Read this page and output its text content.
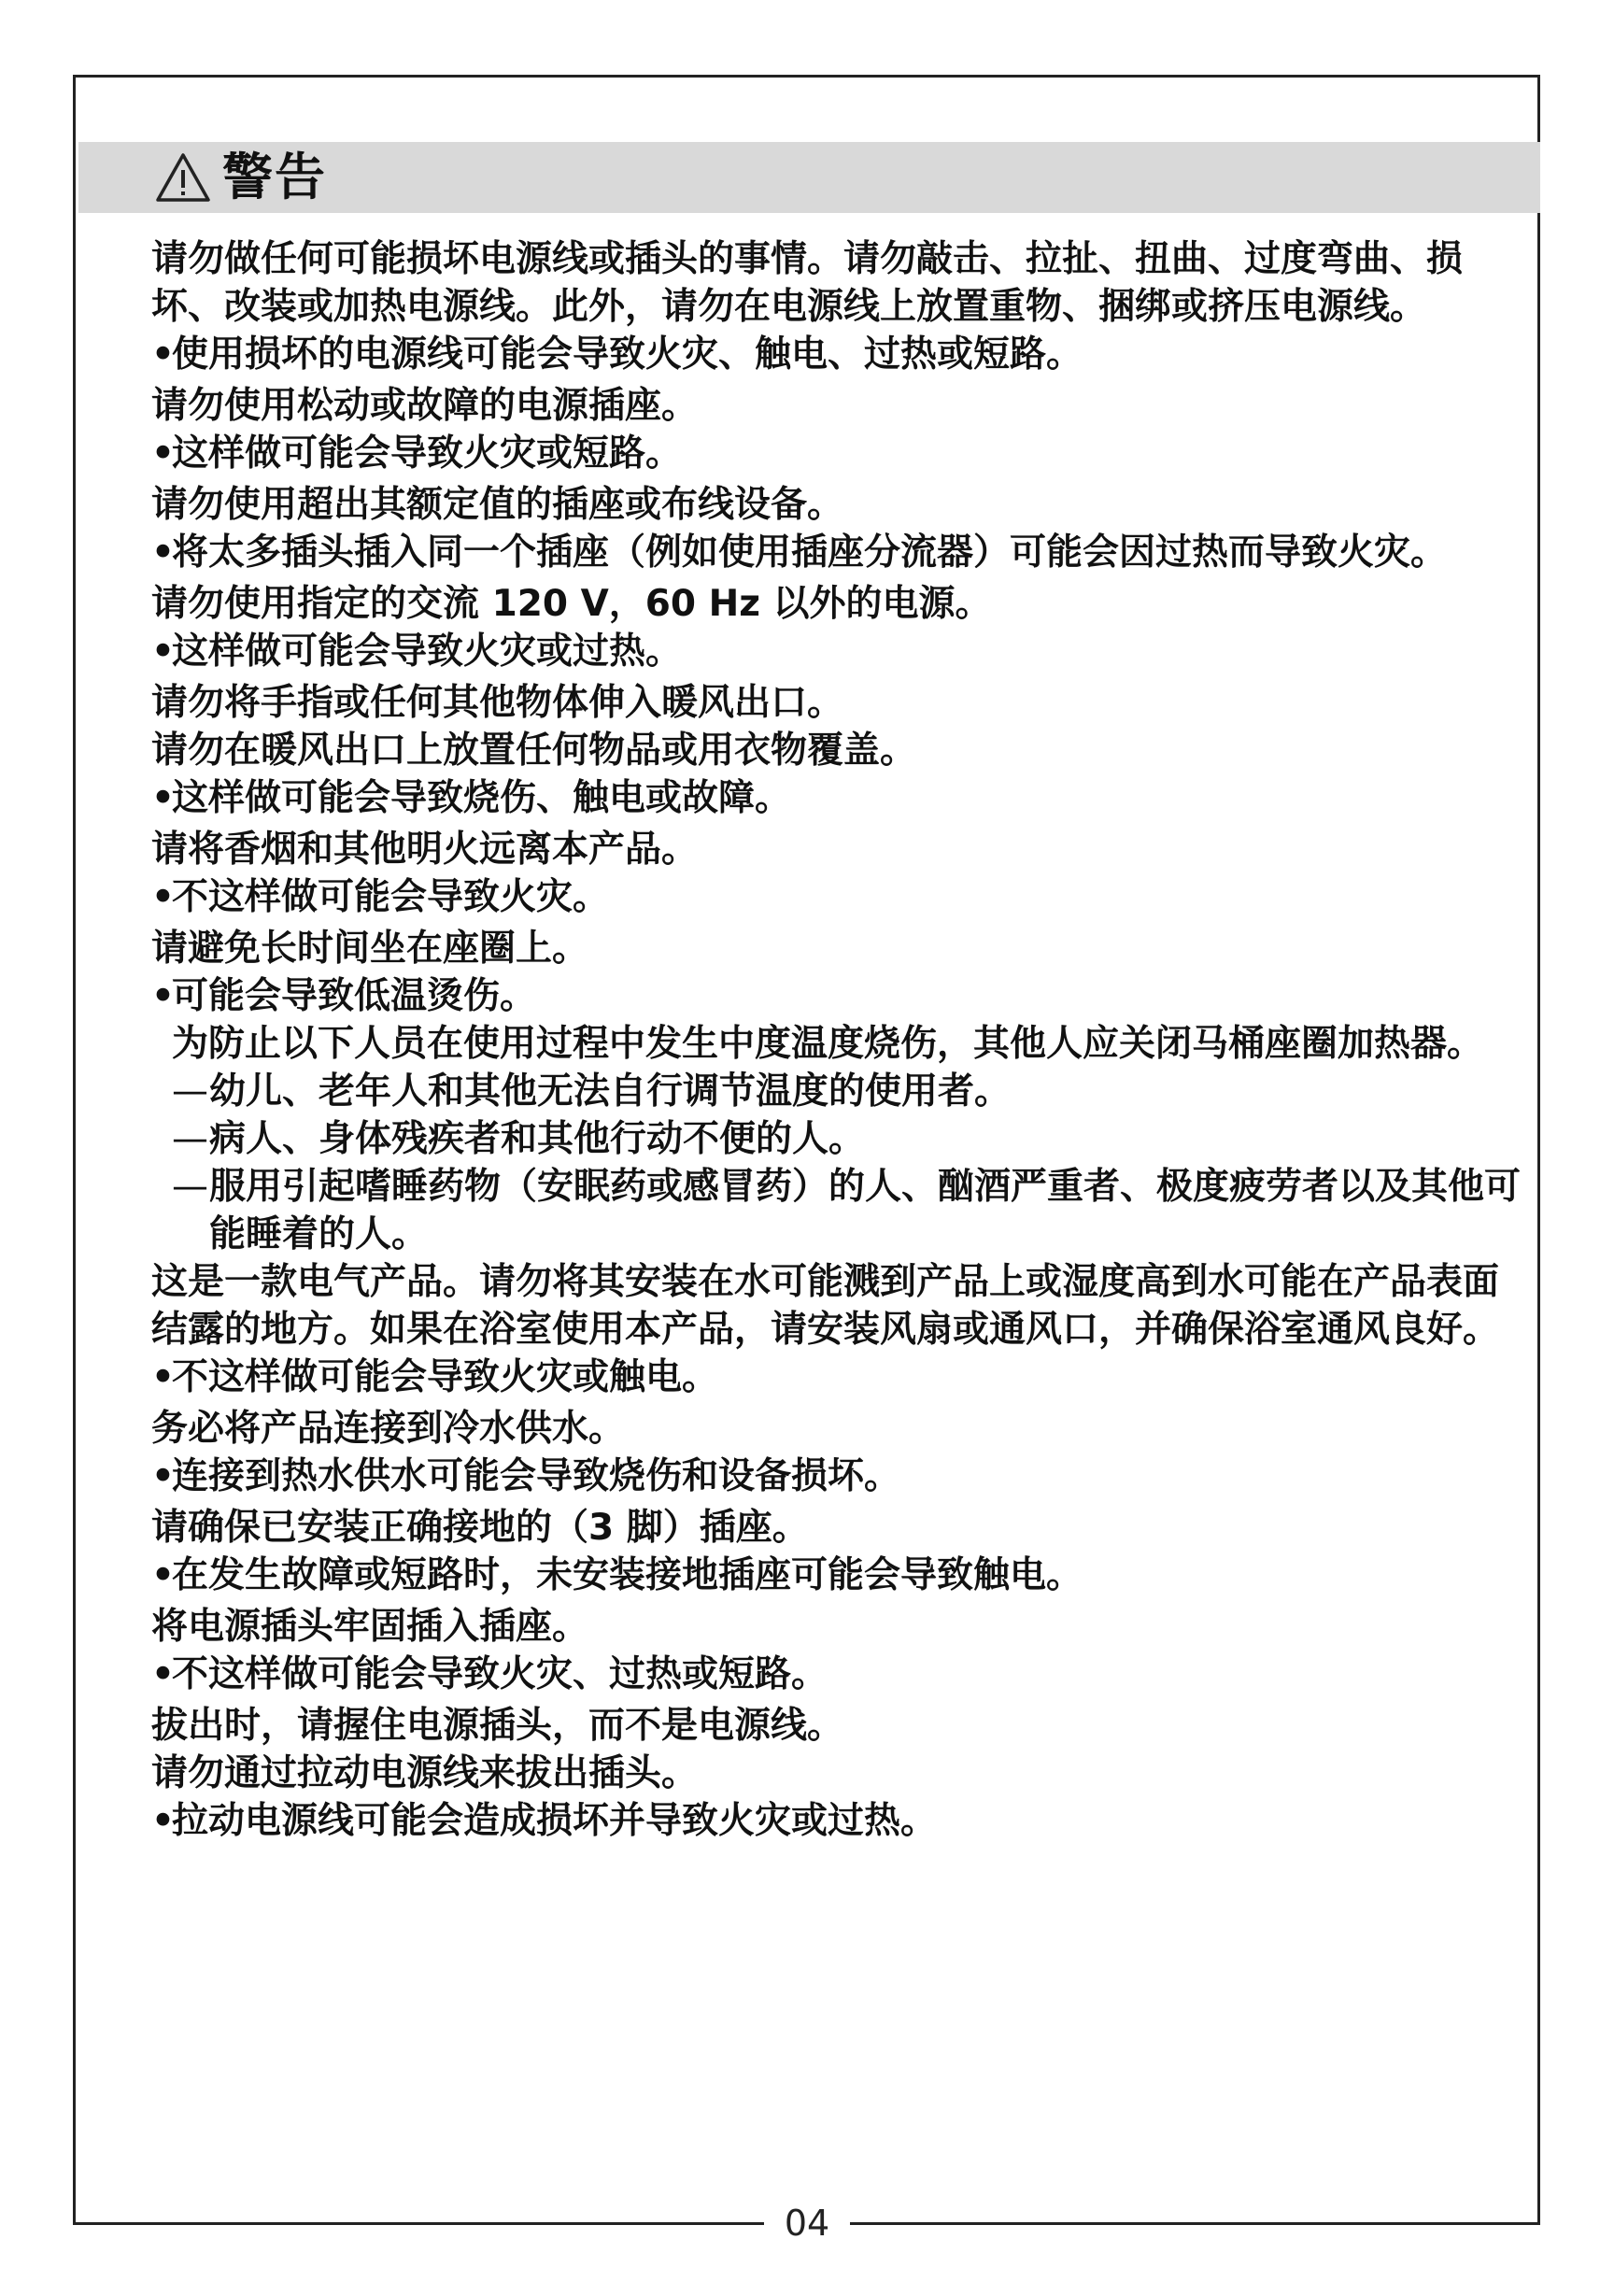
警告

请勿做任何可能损坏电源线或插头的事情。请勿敲击、拉扯、扭曲、过度弯曲、损坏、改装或加热电源线。此外，请勿在电源线上放置重物、捆绑或挤压电源线。

• 使用损坏的电源线可能会导致火灾、触电、过热或短路。

请勿使用松动或故障的电源插座。

• 这样做可能会导致火灾或短路。

请勿使用超出其额定值的插座或布线设备。

• 将太多插头插入同一个插座（例如使用插座分流器）可能会因过热而导致火灾。

请勿使用指定的交流 120 V，60 Hz 以外的电源。

• 这样做可能会导致火灾或过热。

请勿将手指或任何其他物体伸入暖风出口。

请勿在暖风出口上放置任何物品或用衣物覆盖。

• 这样做可能会导致烧伤、触电或故障。

请将香烟和其他明火远离本产品。

• 不这样做可能会导致火灾。

请避免长时间坐在座圈上。

• 可能会导致低温烫伤。

为防止以下人员在使用过程中发生中度温度烧伤，其他人应关闭马桶座圈加热器。

— 幼儿、老年人和其他无法自行调节温度的使用者。

— 病人、身体残疾者和其他行动不便的人。

— 服用引起嗜睡药物（安眠药或感冒药）的人、酗酒严重者、极度疲劳者以及其他可能睡着的人。

这是一款电气产品。请勿将其安装在水可能溅到产品上或湿度高到水可能在产品表面结露的地方。如果在浴室使用本产品，请安装风扇或通风口，并确保浴室通风良好。

• 不这样做可能会导致火灾或触电。

务必将产品连接到冷水供水。

• 连接到热水供水可能会导致烧伤和设备损坏。

请确保已安装正确接地的（3 脚）插座。

• 在发生故障或短路时，未安装接地插座可能会导致触电。

将电源插头牢固插入插座。

• 不这样做可能会导致火灾、过热或短路。

拔出时，请握住电源插头，而不是电源线。

请勿通过拉动电源线来拔出插头。

• 拉动电源线可能会造成损坏并导致火灾或过热。

04
